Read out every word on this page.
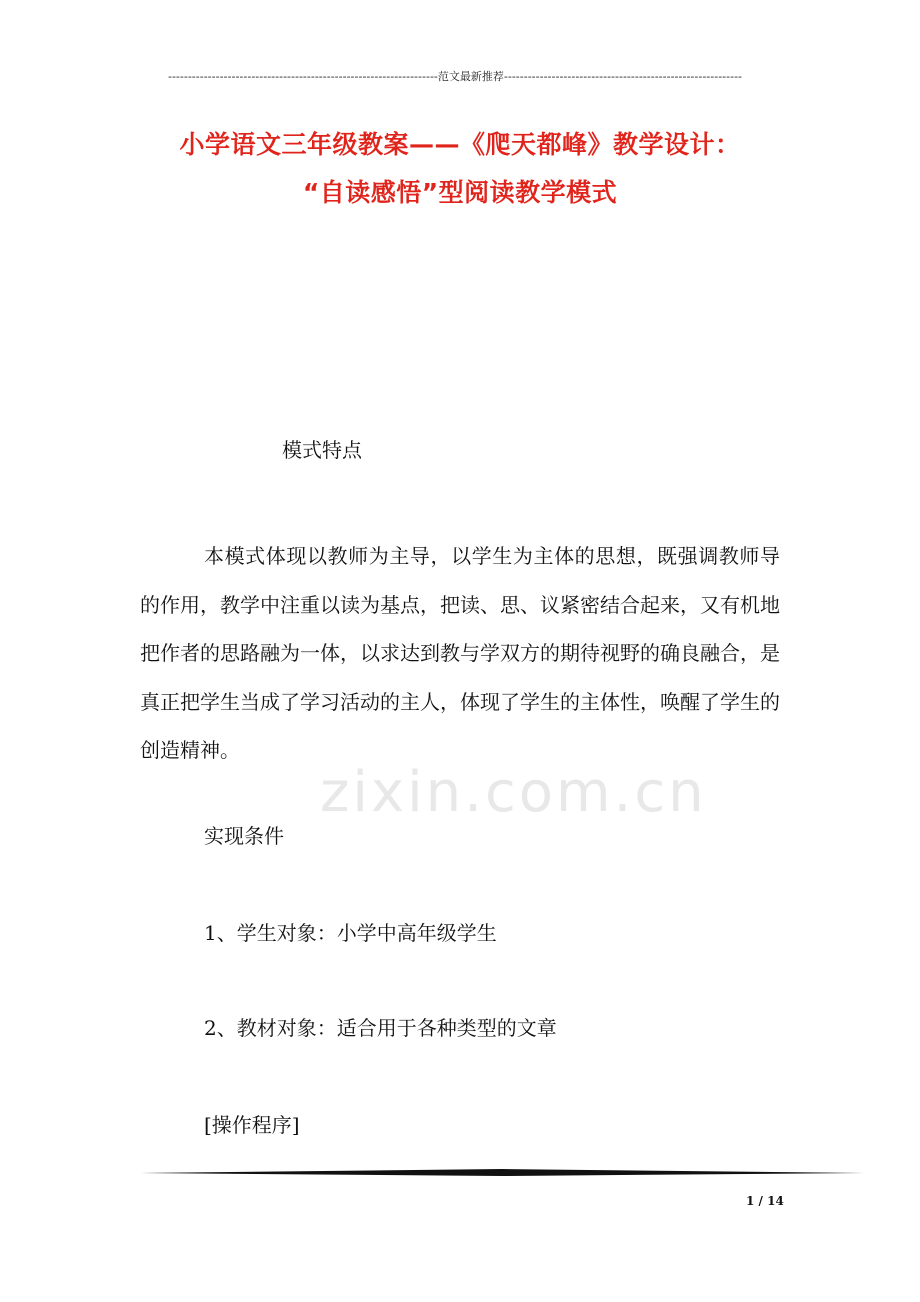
--------------------------------------------------------------------范文最新推荐------------------------------------------------------------
小学语文三年级教案——《爬天都峰》教学设计：
“自读感悟”型阅读教学模式
zixin.com.cn
模式特点
本模式体现以教师为主导，以学生为主体的思想，既强调教师导的作用，教学中注重以读为基点，把读、思、议紧密结合起来，又有机地把作者的思路融为一体，以求达到教与学双方的期待视野的确良融合，是真正把学生当成了学习活动的主人，体现了学生的主体性，唤醒了学生的创造精神。
实现条件
1、学生对象：小学中高年级学生
2、教材对象：适合用于各种类型的文章
[操作程序]
1 / 14
